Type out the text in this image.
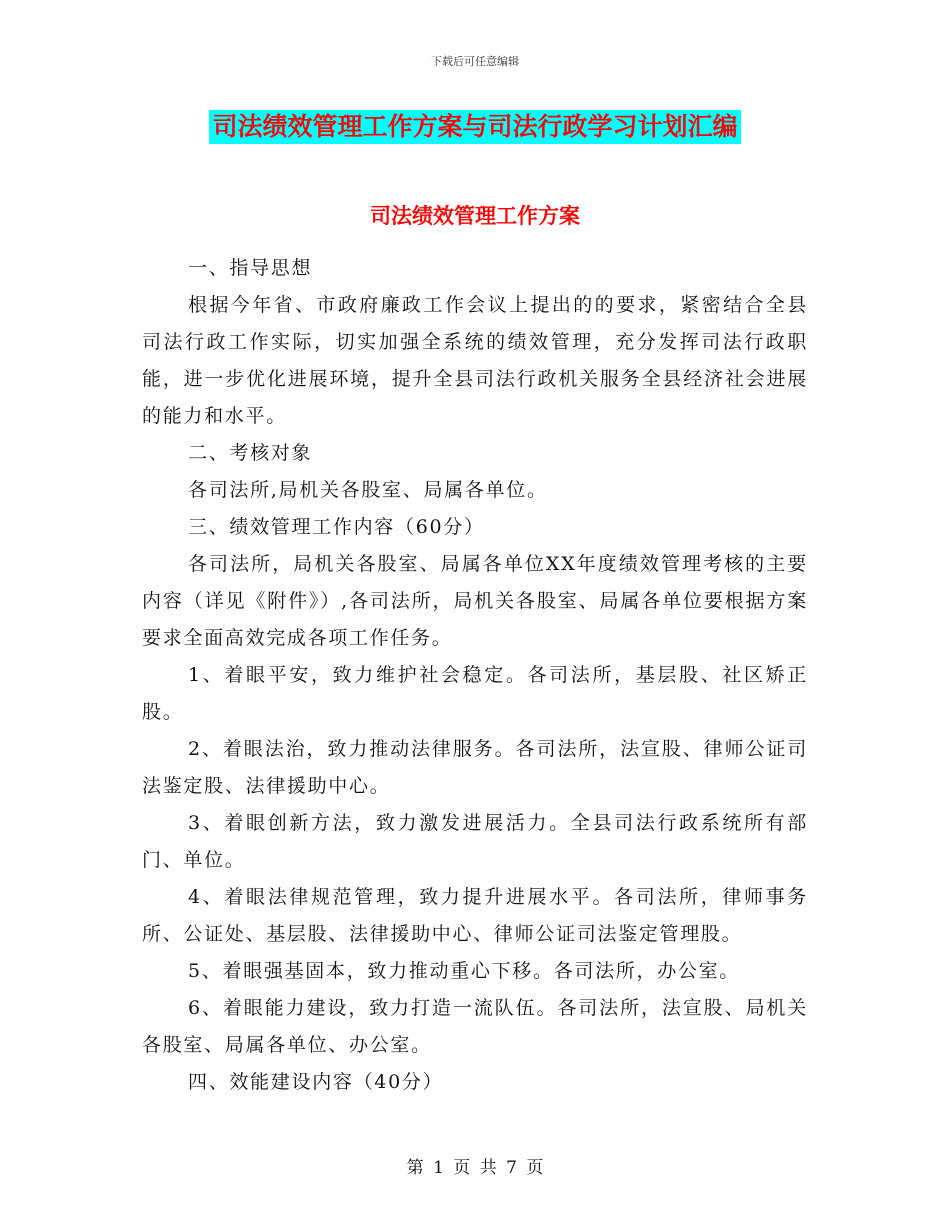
下载后可任意编辑
司法绩效管理工作方案与司法行政学习计划汇编
司法绩效管理工作方案

一、指导思想

根据今年省、市政府廉政工作会议上提出的的要求，紧密结合全县司法行政工作实际，切实加强全系统的绩效管理，充分发挥司法行政职能，进一步优化进展环境，提升全县司法行政机关服务全县经济社会进展的能力和水平。

二、考核对象

各司法所,局机关各股室、局属各单位。

三、绩效管理工作内容（60分）

各司法所，局机关各股室、局属各单位XX年度绩效管理考核的主要内容（详见《附件》）,各司法所，局机关各股室、局属各单位要根据方案要求全面高效完成各项工作任务。

1、着眼平安，致力维护社会稳定。各司法所，基层股、社区矫正股。

2、着眼法治，致力推动法律服务。各司法所，法宣股、律师公证司法鉴定股、法律援助中心。

3、着眼创新方法，致力激发进展活力。全县司法行政系统所有部门、单位。

4、着眼法律规范管理，致力提升进展水平。各司法所，律师事务所、公证处、基层股、法律援助中心、律师公证司法鉴定管理股。

5、着眼强基固本，致力推动重心下移。各司法所，办公室。

6、着眼能力建设，致力打造一流队伍。各司法所，法宣股、局机关各股室、局属各单位、办公室。

四、效能建设内容（40分）

第 1 页 共 7 页
